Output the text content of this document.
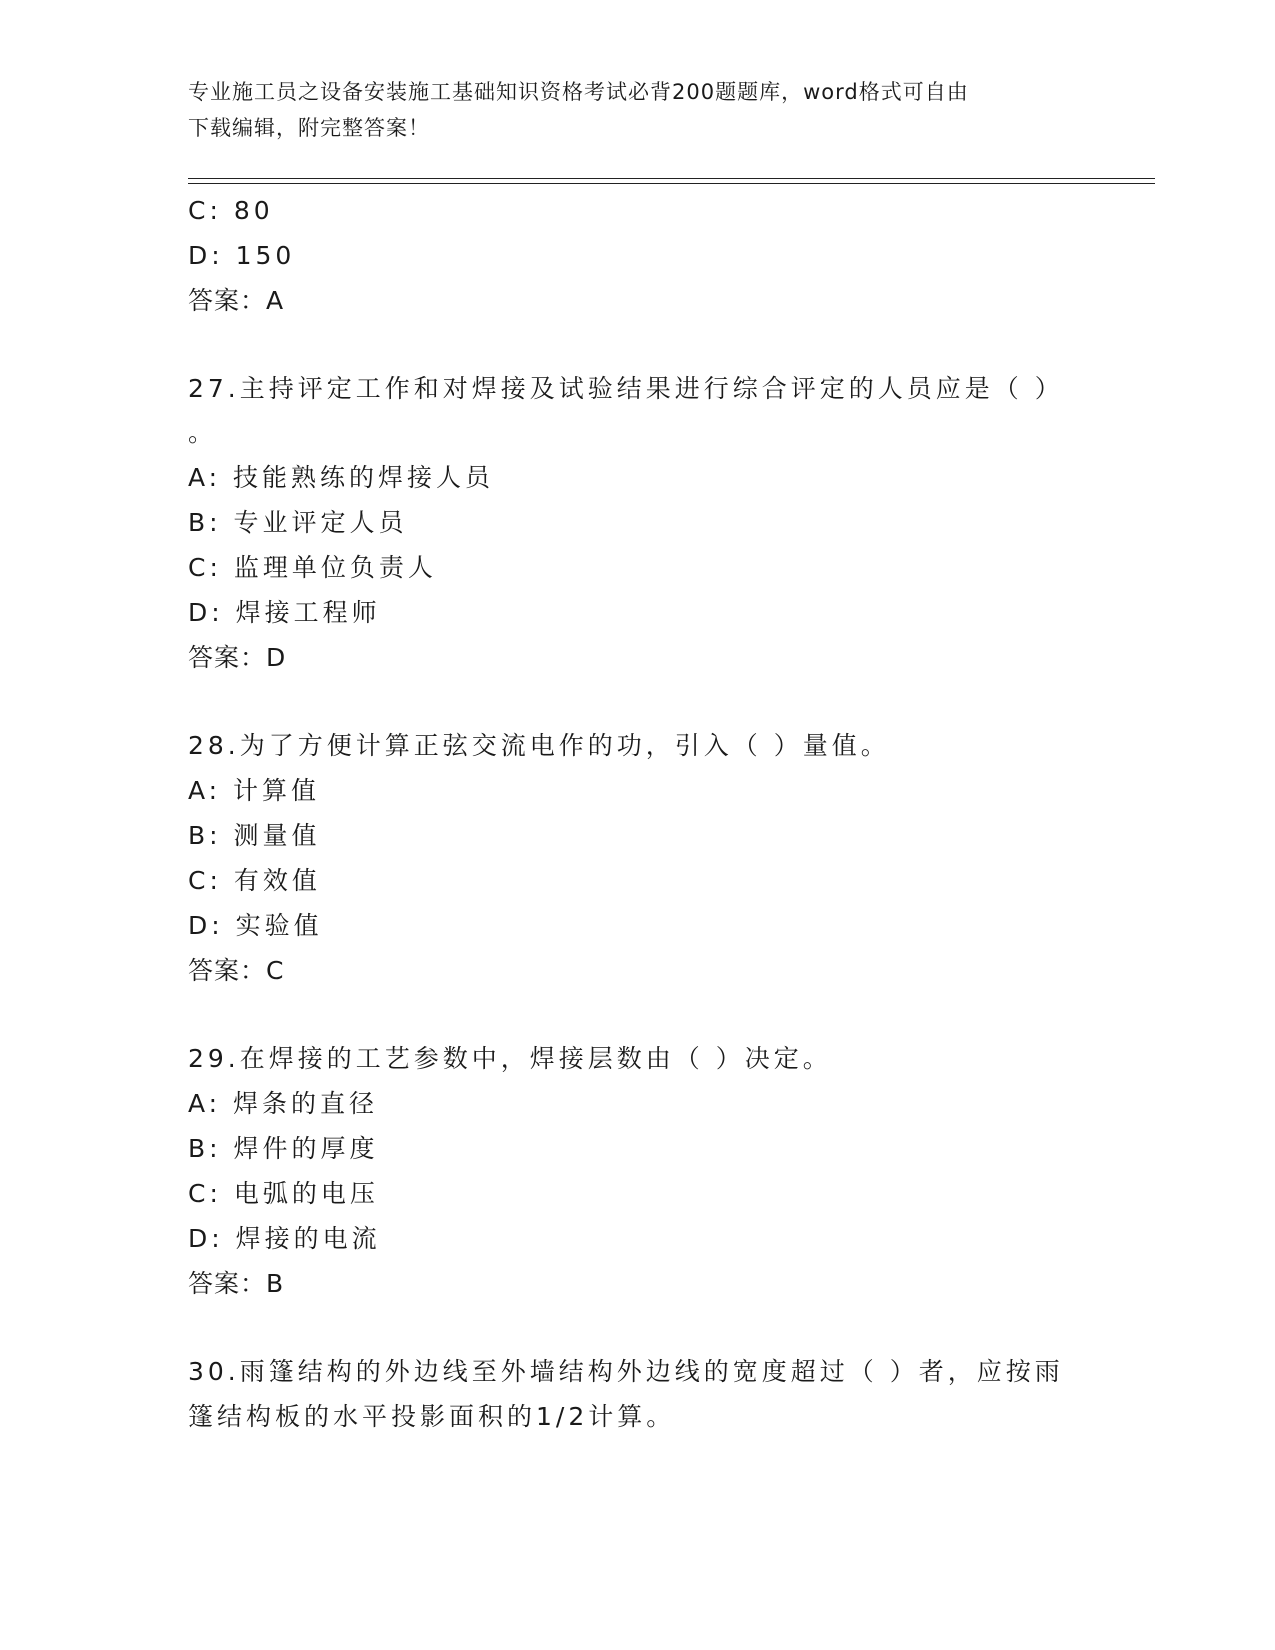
专业施工员之设备安装施工基础知识资格考试必背200题题库，word格式可自由
下载编辑，附完整答案！
C: 80
D: 150
答案：A
27.主持评定工作和对焊接及试验结果进行综合评定的人员应是（ ）
。
A: 技能熟练的焊接人员
B: 专业评定人员
C: 监理单位负责人
D: 焊接工程师
答案：D
28.为了方便计算正弦交流电作的功，引入（ ）量值。
A: 计算值
B: 测量值
C: 有效值
D: 实验值
答案：C
29.在焊接的工艺参数中，焊接层数由（ ）决定。
A: 焊条的直径
B: 焊件的厚度
C: 电弧的电压
D: 焊接的电流
答案：B
30.雨篷结构的外边线至外墙结构外边线的宽度超过（ ）者，应按雨
篷结构板的水平投影面积的1/2计算。
